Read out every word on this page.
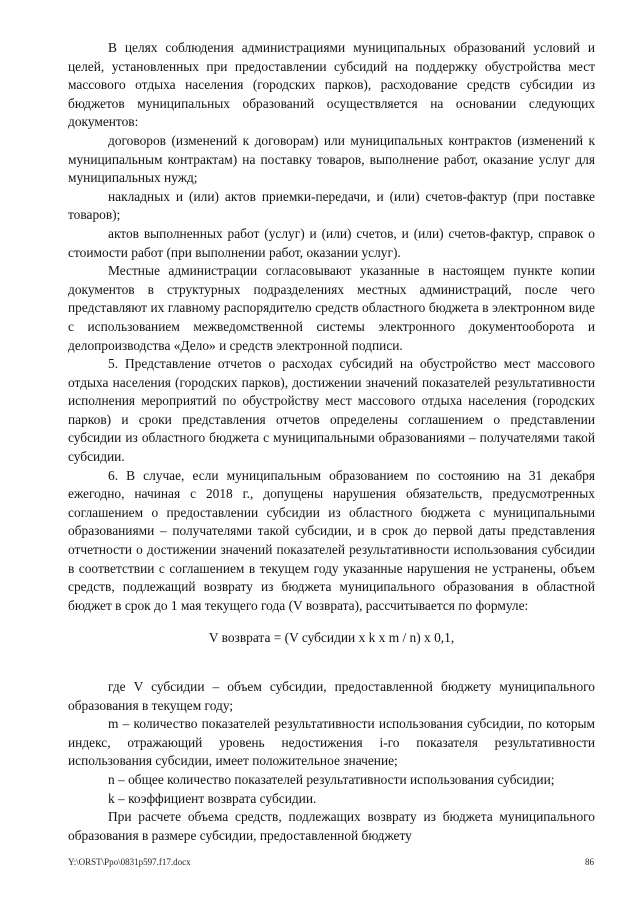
В целях соблюдения администрациями муниципальных образований условий и целей, установленных при предоставлении субсидий на поддержку обустройства мест массового отдыха населения (городских парков), расходование средств субсидии из бюджетов муниципальных образований осуществляется на основании следующих документов:

договоров (изменений к договорам) или муниципальных контрактов (изменений к муниципальным контрактам) на поставку товаров, выполнение работ, оказание услуг для муниципальных нужд;

накладных и (или) актов приемки-передачи, и (или) счетов-фактур (при поставке товаров);

актов выполненных работ (услуг) и (или) счетов, и (или) счетов-фактур, справок о стоимости работ (при выполнении работ, оказании услуг).

Местные администрации согласовывают указанные в настоящем пункте копии документов в структурных подразделениях местных администраций, после чего представляют их главному распорядителю средств областного бюджета в электронном виде с использованием межведомственной системы электронного документооборота и делопроизводства «Дело» и средств электронной подписи.

5. Представление отчетов о расходах субсидий на обустройство мест массового отдыха населения (городских парков), достижении значений показателей результативности исполнения мероприятий по обустройству мест массового отдыха населения (городских парков) и сроки представления отчетов определены соглашением о представлении субсидии из областного бюджета с муниципальными образованиями – получателями такой субсидии.

6. В случае, если муниципальным образованием по состоянию на 31 декабря ежегодно, начиная с 2018 г., допущены нарушения обязательств, предусмотренных соглашением о предоставлении субсидии из областного бюджета с муниципальными образованиями – получателями такой субсидии, и в срок до первой даты представления отчетности о достижении значений показателей результативности использования субсидии в соответствии с соглашением в текущем году указанные нарушения не устранены, объем средств, подлежащий возврату из бюджета муниципального образования в областной бюджет в срок до 1 мая текущего года (V возврата), рассчитывается по формуле:

V возврата = (V субсидии х k х m / n) х 0,1,

где V субсидии – объем субсидии, предоставленной бюджету муниципального образования в текущем году;

m – количество показателей результативности использования субсидии, по которым индекс, отражающий уровень недостижения i-го показателя результативности использования субсидии, имеет положительное значение;

n – общее количество показателей результативности использования субсидии;

k – коэффициент возврата субсидии.

При расчете объема средств, подлежащих возврату из бюджета муниципального образования в размере субсидии, предоставленной бюджету

Y:\ORST\Ppo\0831p597.f17.docx	86
